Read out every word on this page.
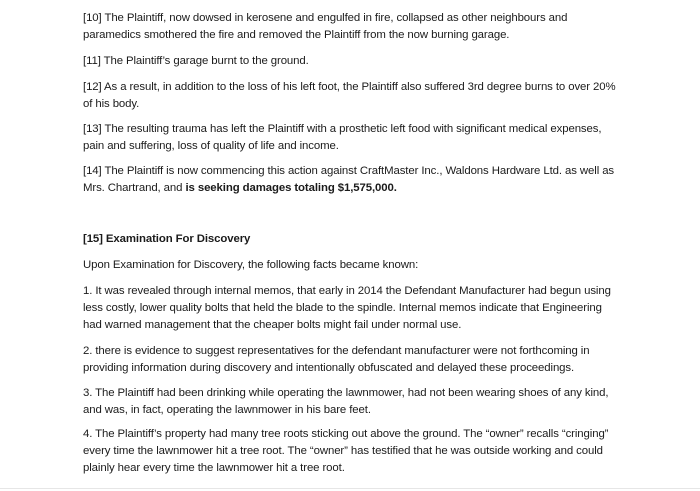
[10] The Plaintiff, now dowsed in kerosene and engulfed in fire, collapsed as other neighbours and paramedics smothered the fire and removed the Plaintiff from the now burning garage.

[11] The Plaintiff’s garage burnt to the ground.

[12] As a result, in addition to the loss of his left foot, the Plaintiff also suffered 3rd degree burns to over 20% of his body.

[13] The resulting trauma has left the Plaintiff with a prosthetic left food with significant medical expenses, pain and suffering, loss of quality of life and income.

[14] The Plaintiff is now commencing this action against CraftMaster Inc., Waldons Hardware Ltd. as well as Mrs. Chartrand, and is seeking damages totaling $1,575,000.

[15] Examination For Discovery

Upon Examination for Discovery, the following facts became known:

1. It was revealed through internal memos, that early in 2014 the Defendant Manufacturer had begun using less costly, lower quality bolts that held the blade to the spindle. Internal memos indicate that Engineering had warned management that the cheaper bolts might fail under normal use.

2. there is evidence to suggest representatives for the defendant manufacturer were not forthcoming in providing information during discovery and intentionally obfuscated and delayed these proceedings.

3. The Plaintiff had been drinking while operating the lawnmower, had not been wearing shoes of any kind, and was, in fact, operating the lawnmower in his bare feet.

4. The Plaintiff’s property had many tree roots sticking out above the ground. The “owner” recalls “cringing” every time the lawnmower hit a tree root. The “owner” has testified that he was outside working and could plainly hear every time the lawnmower hit a tree root.
